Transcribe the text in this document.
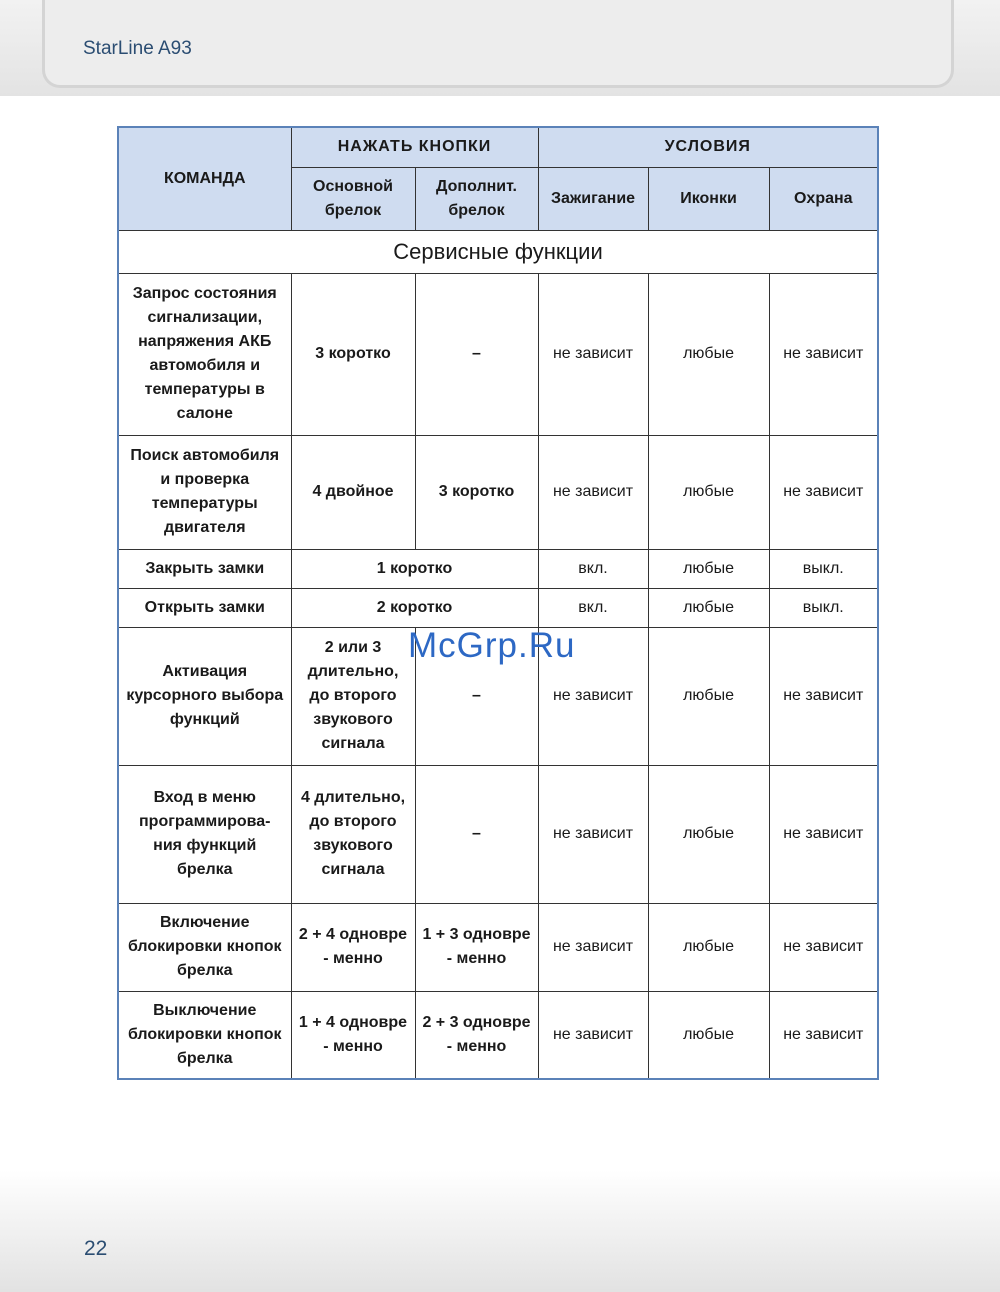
StarLine A93
22
КОМАНДА	НАЖАТЬ КНОПКИ		УСЛОВИЯ		
	Основной брелок	Дополнит. брелок	Зажигание	Иконки	Охрана
Сервисные функции					
Запрос состояния сигнализации, напряжения АКБ автомобиля и температуры в салоне	3 коротко	–	не зависит	любые	не зависит
Поиск автомобиля и проверка температуры двигателя	4 двойное	3 коротко	не зависит	любые	не зависит
Закрыть замки	1 коротко		вкл.	любые	выкл.
Открыть замки	2 коротко		вкл.	любые	выкл.
Активация курсорного выбора функций	2 или 3 длительно, до второго звукового сигнала	–	не зависит	любые	не зависит
Вход в меню программирова-ния функций брелка	4 длительно, до второго звукового сигнала	–	не зависит	любые	не зависит
Включение блокировки кнопок брелка	2 + 4 одновре - менно	1 + 3 одновре - менно	не зависит	любые	не зависит
Выключение блокировки кнопок брелка	1 + 4 одновре - менно	2 + 3 одновре - менно	не зависит	любые	не зависит
McGrp.Ru
